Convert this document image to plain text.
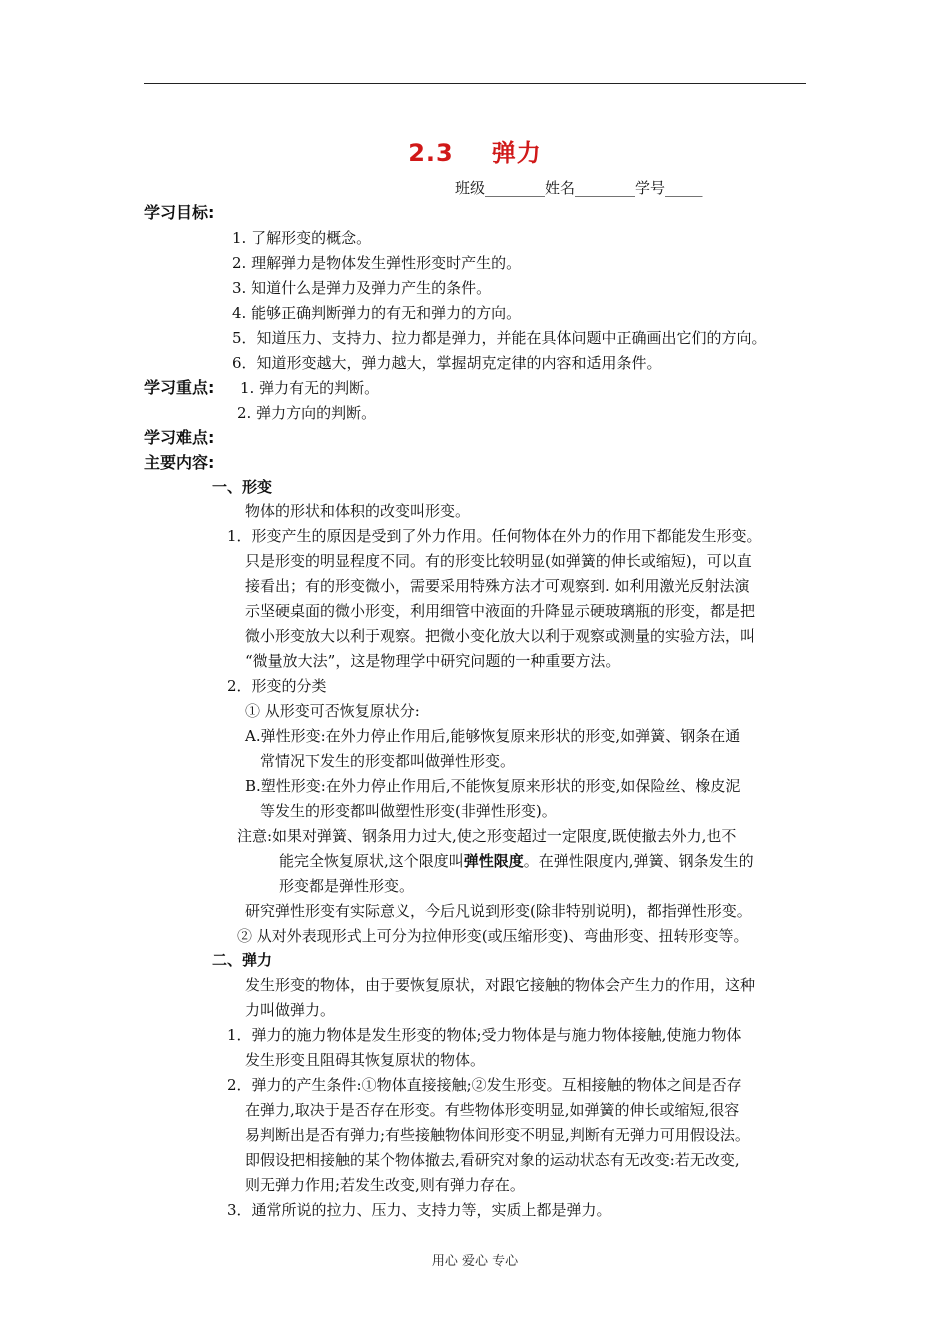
2.3 弹力
班级________姓名________学号_____
学习目标:
1. 了解形变的概念。
2. 理解弹力是物体发生弹性形变时产生的。
3. 知道什么是弹力及弹力产生的条件。
4. 能够正确判断弹力的有无和弹力的方向。
5．知道压力、支持力、拉力都是弹力，并能在具体问题中正确画出它们的方向。
6．知道形变越大，弹力越大，掌握胡克定律的内容和适用条件。
学习重点: 1. 弹力有无的判断。
2. 弹力方向的判断。
学习难点:
主要内容:
一、形变
物体的形状和体积的改变叫形变。
1．形变产生的原因是受到了外力作用。任何物体在外力的作用下都能发生形变。
只是形变的明显程度不同。有的形变比较明显(如弹簧的伸长或缩短)，可以直
接看出；有的形变微小，需要采用特殊方法才可观察到. 如利用激光反射法演
示坚硬桌面的微小形变，利用细管中液面的升降显示硬玻璃瓶的形变，都是把
微小形变放大以利于观察。把微小变化放大以利于观察或测量的实验方法，叫
“微量放大法”，这是物理学中研究问题的一种重要方法。
2．形变的分类
① 从形变可否恢复原状分:
A.弹性形变:在外力停止作用后,能够恢复原来形状的形变,如弹簧、钢条在通
常情况下发生的形变都叫做弹性形变。
B.塑性形变:在外力停止作用后,不能恢复原来形状的形变,如保险丝、橡皮泥
等发生的形变都叫做塑性形变(非弹性形变)。
注意:如果对弹簧、钢条用力过大,使之形变超过一定限度,既使撤去外力,也不
能完全恢复原状,这个限度叫弹性限度。在弹性限度内,弹簧、钢条发生的
形变都是弹性形变。
研究弹性形变有实际意义，今后凡说到形变(除非特别说明)，都指弹性形变。
② 从对外表现形式上可分为拉伸形变(或压缩形变)、弯曲形变、扭转形变等。
二、弹力
发生形变的物体，由于要恢复原状，对跟它接触的物体会产生力的作用，这种
力叫做弹力。
1．弹力的施力物体是发生形变的物体;受力物体是与施力物体接触,使施力物体
发生形变且阻碍其恢复原状的物体。
2．弹力的产生条件:①物体直接接触;②发生形变。互相接触的物体之间是否存
在弹力,取决于是否存在形变。有些物体形变明显,如弹簧的伸长或缩短,很容
易判断出是否有弹力;有些接触物体间形变不明显,判断有无弹力可用假设法。
即假设把相接触的某个物体撤去,看研究对象的运动状态有无改变:若无改变,
则无弹力作用;若发生改变,则有弹力存在。
3．通常所说的拉力、压力、支持力等，实质上都是弹力。
用心 爱心 专心
